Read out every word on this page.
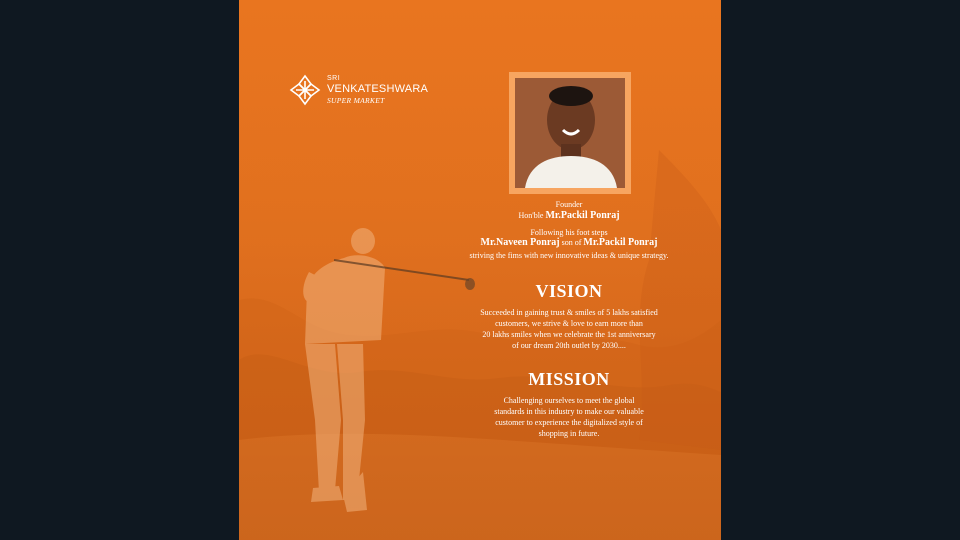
SRI
VENKATESHWARA
SUPER MARKET
Founder
Hon'ble Mr.Packil Ponraj
Following his foot steps
Mr.Naveen Ponraj son of Mr.Packil Ponraj
striving the fims with new innovative ideas & unique strategy.
VISION
Succeeded in gaining trust & smiles of 5 lakhs satisfied
customers, we strive & love to earn more than
20 lakhs smiles when we celebrate the 1st anniversary
of our dream 20th outlet by 2030....
MISSION
Challenging ourselves to meet the global
standards in this industry to make our valuable
customer to experience the digitalized style of
shopping in future.
